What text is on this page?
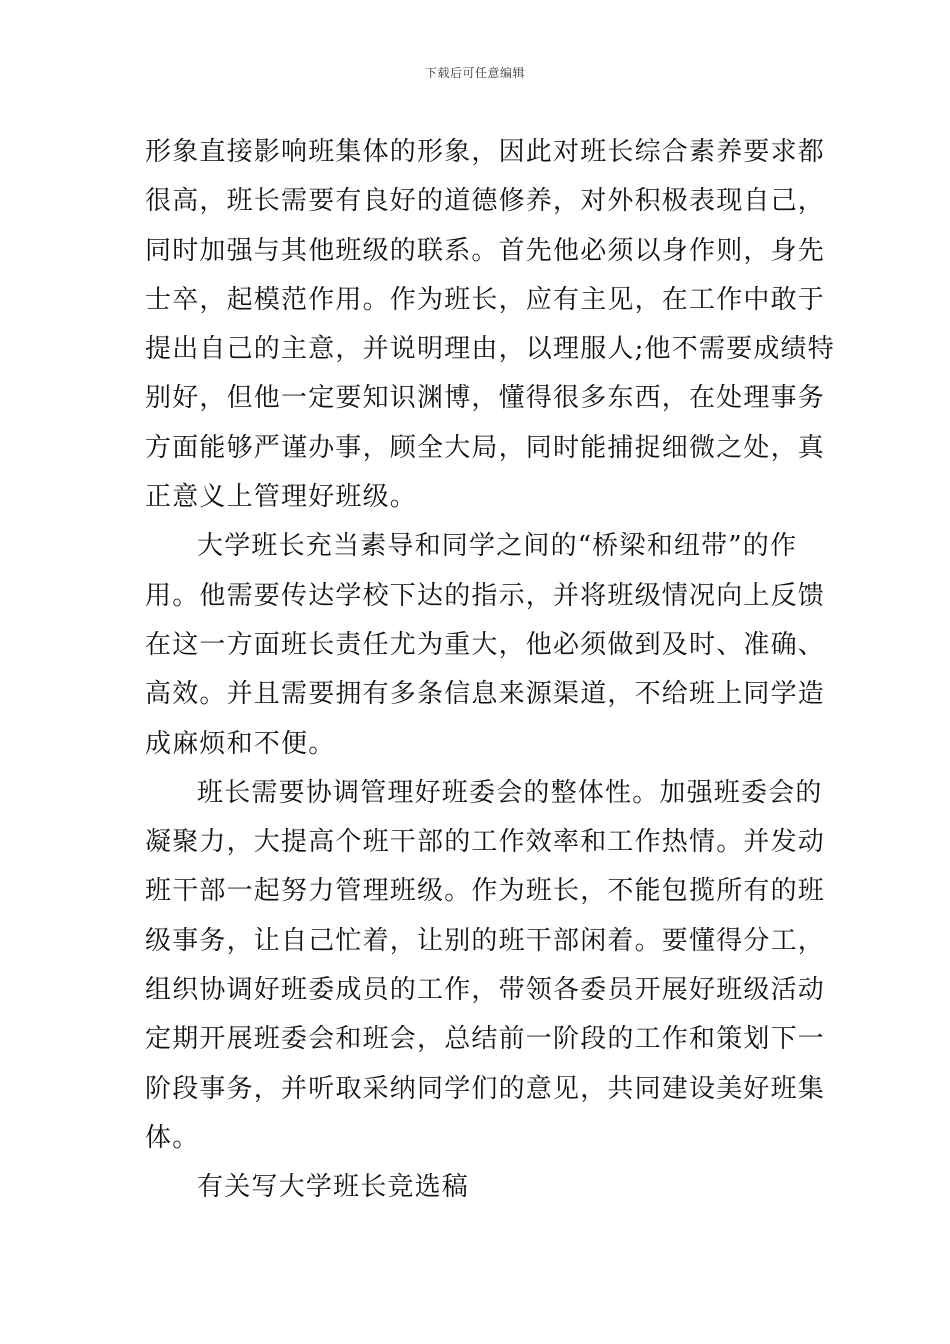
下载后可任意编辑
形象直接影响班集体的形象，因此对班长综合素养要求都
很高，班长需要有良好的道德修养，对外积极表现自己，
同时加强与其他班级的联系。首先他必须以身作则，身先
士卒，起模范作用。作为班长，应有主见，在工作中敢于
提出自己的主意，并说明理由，以理服人;他不需要成绩特
别好，但他一定要知识渊博，懂得很多东西，在处理事务
方面能够严谨办事，顾全大局，同时能捕捉细微之处，真
正意义上管理好班级。
大学班长充当素导和同学之间的“桥梁和纽带”的作
用。他需要传达学校下达的指示，并将班级情况向上反馈
在这一方面班长责任尤为重大，他必须做到及时、准确、
高效。并且需要拥有多条信息来源渠道，不给班上同学造
成麻烦和不便。
班长需要协调管理好班委会的整体性。加强班委会的
凝聚力，大提高个班干部的工作效率和工作热情。并发动
班干部一起努力管理班级。作为班长，不能包揽所有的班
级事务，让自己忙着，让别的班干部闲着。要懂得分工，
组织协调好班委成员的工作，带领各委员开展好班级活动
定期开展班委会和班会，总结前一阶段的工作和策划下一
阶段事务，并听取采纳同学们的意见，共同建设美好班集
体。
有关写大学班长竞选稿
